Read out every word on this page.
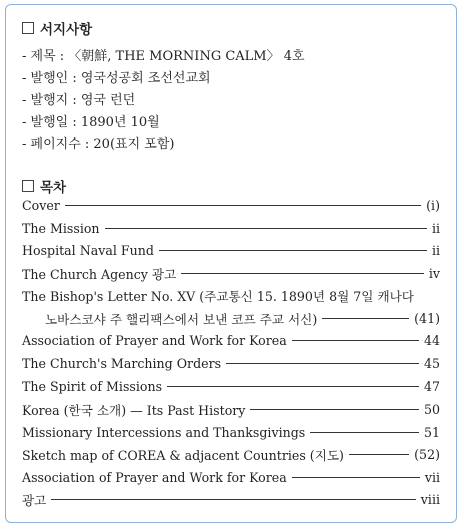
서지사항
- 제목 : 〈朝鮮, THE MORNING CALM〉 4호
- 발행인 : 영국성공회 조선선교회
- 발행지 : 영국 런던
- 발행일 : 1890년 10월
- 페이지수 : 20(표지 포함)
목차
Cover	(i)
The Mission	ii
Hospital Naval Fund	ii
The Church Agency 광고	iv
The Bishop's Letter No. XV (주교통신 15. 1890년 8월 7일 캐나다
노바스코샤 주 핼리팩스에서 보낸 코프 주교 서신)	(41)
Association of Prayer and Work for Korea	44
The Church's Marching Orders	45
The Spirit of Missions	47
Korea (한국 소개) — Its Past History	50
Missionary Intercessions and Thanksgivings	51
Sketch map of COREA & adjacent Countries (지도)	(52)
Association of Prayer and Work for Korea	vii
광고	viii
